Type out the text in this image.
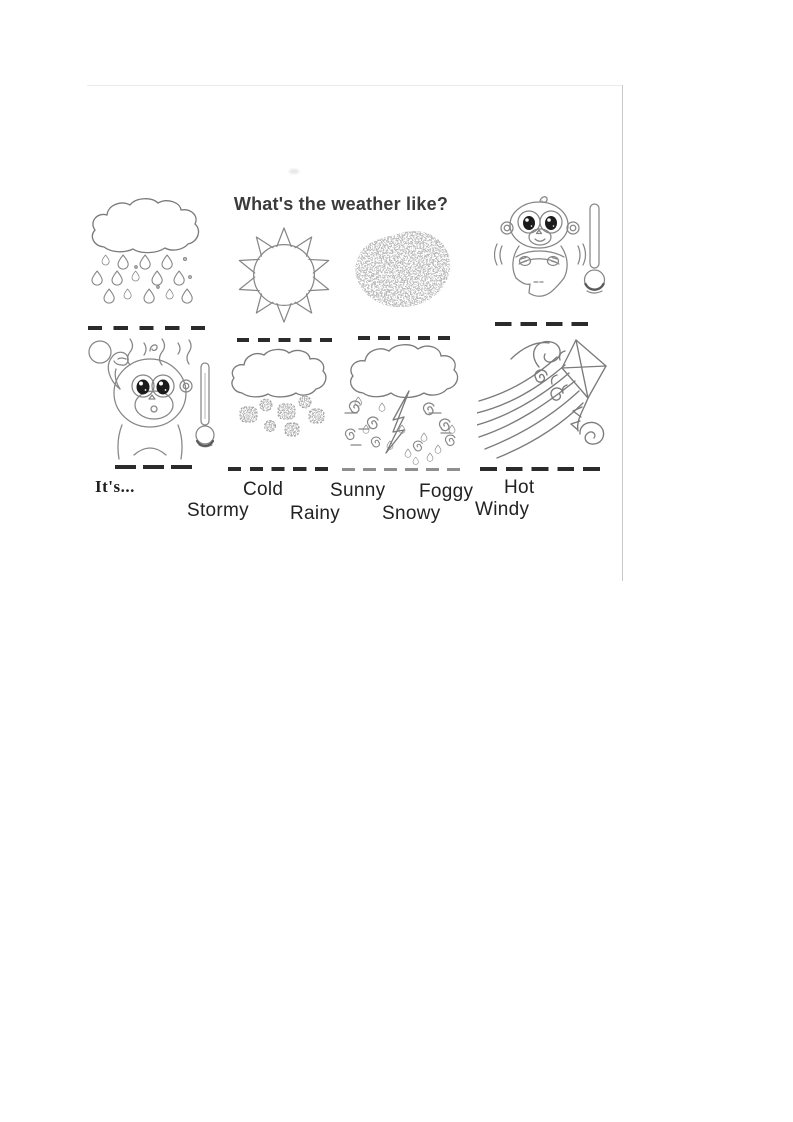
What's the weather like?
It's...	Cold Sunny Foggy Hot
Stormy Rainy Snowy Windy
